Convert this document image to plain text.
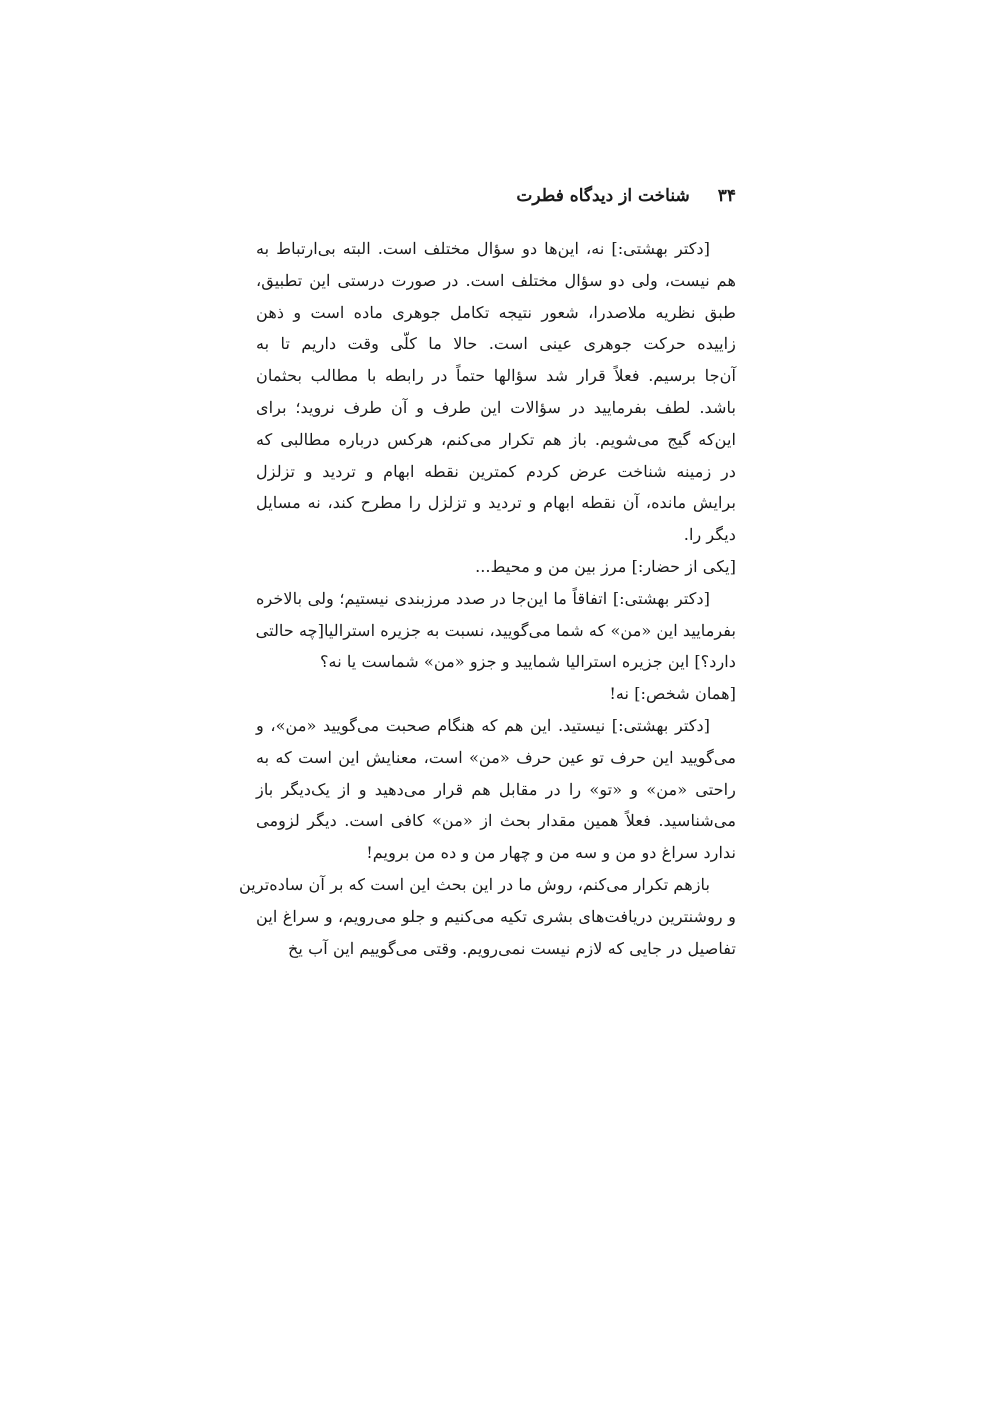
۳۴
شناخت از دیدگاه فطرت
[دکتر بهشتی:] نه، این‌ها دو سؤال مختلف است. البته بی‌ارتباط به
هم نیست، ولی دو سؤال مختلف است. در صورت درستی این تطبیق،
طبق نظریه ملاصدرا، شعور نتیجه تکامل جوهری ماده است و ذهن
زاییده حرکت جوهری عینی است. حالا ما کلّی وقت داریم تا به
آن‌جا برسیم. فعلاً قرار شد سؤالها حتماً در رابطه با مطالب بحثمان
باشد. لطف بفرمایید در سؤالات این طرف و آن طرف نروید؛ برای
این‌که گیج می‌شویم. باز هم تکرار می‌کنم، هرکس درباره مطالبی که
در زمینه شناخت عرض کردم کمترین نقطه ابهام و تردید و تزلزل
برایش مانده، آن نقطه ابهام و تردید و تزلزل را مطرح کند، نه مسایل
دیگر را.
[یکی از حضار:] مرز بین من و محیط...
[دکتر بهشتی:] اتفاقاً ما این‌جا در صدد مرزبندی نیستیم؛ ولی بالاخره
بفرمایید این «من» که شما می‌گویید، نسبت به جزیره استرالیا[چه حالتی
دارد؟] این جزیره استرالیا شمایید و جزو «من» شماست یا نه؟
[همان شخص:] نه!
[دکتر بهشتی:] نیستید. این هم که هنگام صحبت می‌گویید «من»، و
می‌گویید این حرف تو عین حرف «من» است، معنایش این است که به
راحتی «من» و «تو» را در مقابل هم قرار می‌دهید و از یک‌دیگر باز
می‌شناسید. فعلاً همین مقدار بحث از «من» کافی است. دیگر لزومی
ندارد سراغ دو من و سه من و چهار من و ده من برویم!
بازهم تکرار می‌کنم، روش ما در این بحث این است که بر آن ساده‌ترین
و روشنترین دریافت‌های بشری تکیه می‌کنیم و جلو می‌رویم، و سراغ این
تفاصیل در جایی که لازم نیست نمی‌رویم. وقتی می‌گوییم این آب یخ
